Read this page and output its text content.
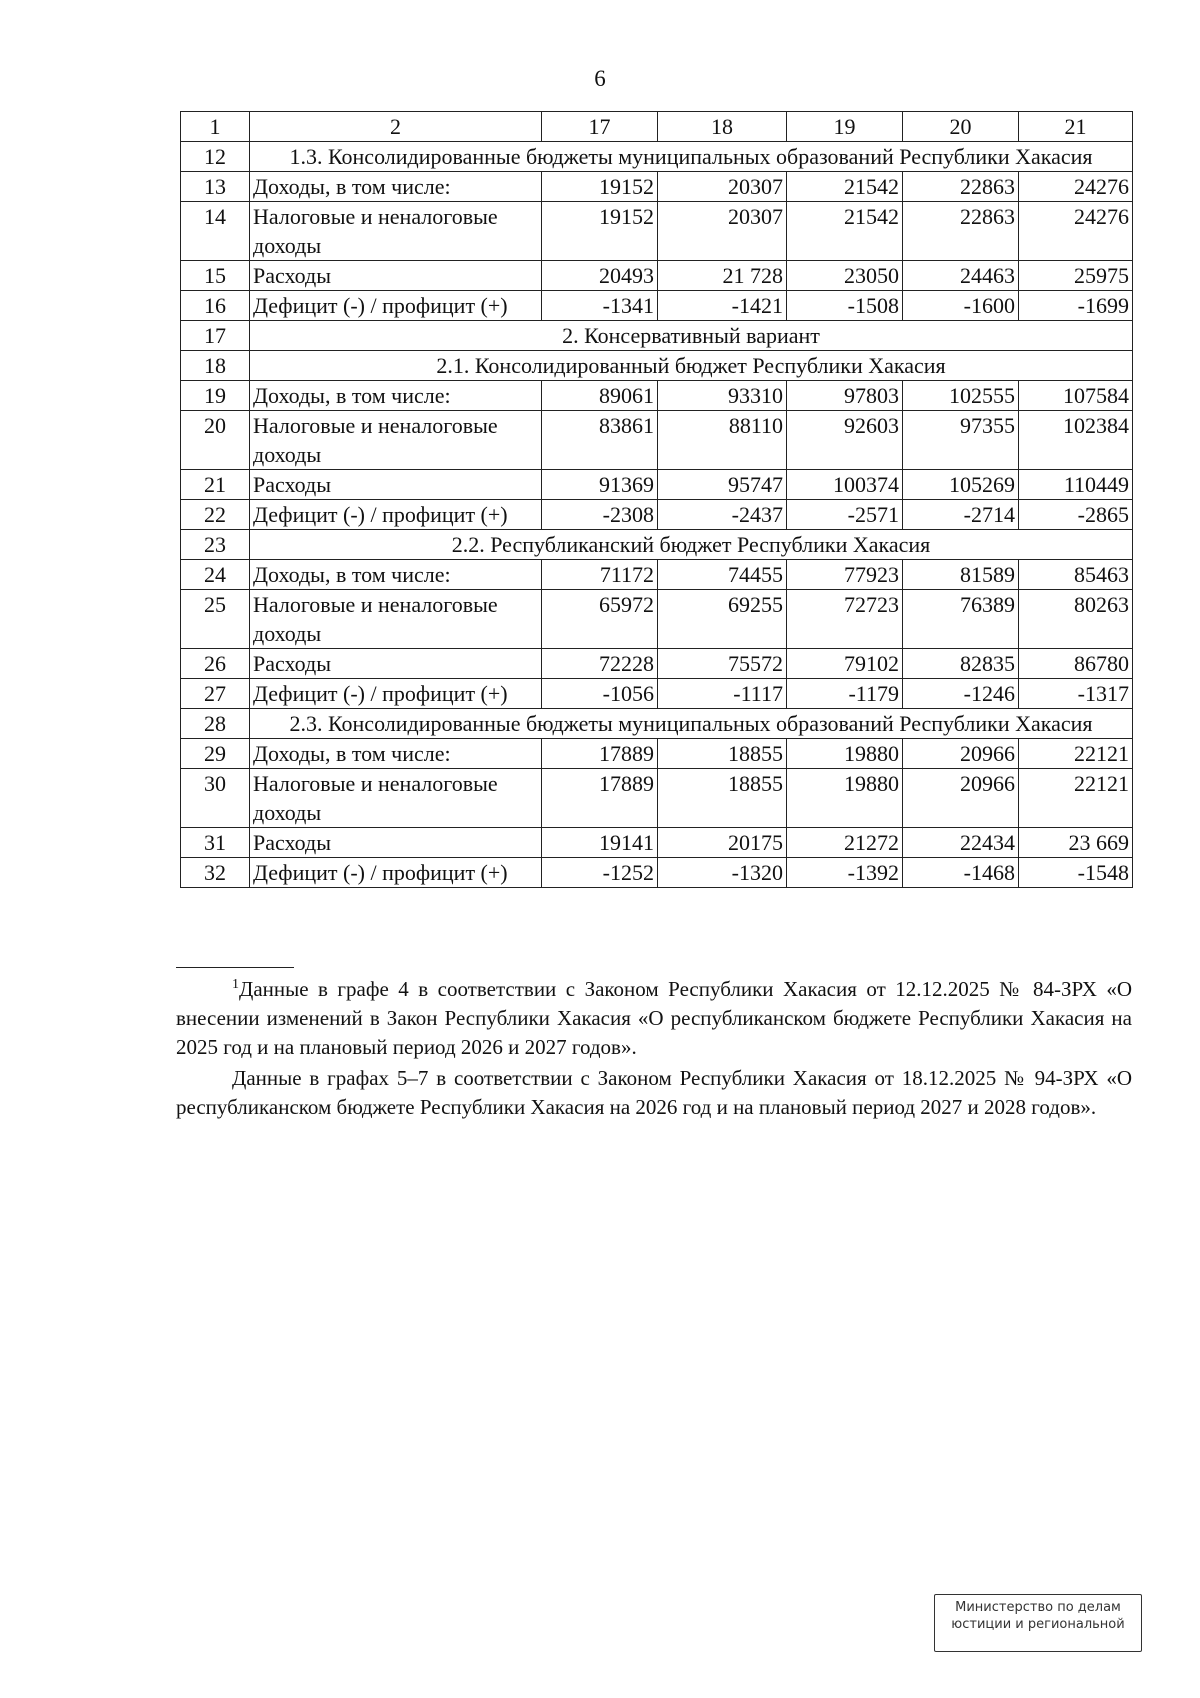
6
1	2	17	18	19	20	21
12	1.3. Консолидированные бюджеты муниципальных образований Республики Хакасия					
13	Доходы, в том числе:	19152	20307	21542	22863	24276
14	Налоговые и неналоговые доходы	19152	20307	21542	22863	24276
15	Расходы	20493	21 728	23050	24463	25975
16	Дефицит (-) / профицит (+)	-1341	-1421	-1508	-1600	-1699
17	2. Консервативный вариант					
18	2.1. Консолидированный бюджет Республики Хакасия					
19	Доходы, в том числе:	89061	93310	97803	102555	107584
20	Налоговые и неналоговые доходы	83861	88110	92603	97355	102384
21	Расходы	91369	95747	100374	105269	110449
22	Дефицит (-) / профицит (+)	-2308	-2437	-2571	-2714	-2865
23	2.2. Республиканский бюджет Республики Хакасия					
24	Доходы, в том числе:	71172	74455	77923	81589	85463
25	Налоговые и неналоговые доходы	65972	69255	72723	76389	80263
26	Расходы	72228	75572	79102	82835	86780
27	Дефицит (-) / профицит (+)	-1056	-1117	-1179	-1246	-1317
28	2.3. Консолидированные бюджеты муниципальных образований Республики Хакасия					
29	Доходы, в том числе:	17889	18855	19880	20966	22121
30	Налоговые и неналоговые доходы	17889	18855	19880	20966	22121
31	Расходы	19141	20175	21272	22434	23 669
32	Дефицит (-) / профицит (+)	-1252	-1320	-1392	-1468	-1548
$^1$Данные в графе 4 в соответствии с Законом Республики Хакасия от 12.12.2025 № 84-ЗРХ «О внесении изменений в Закон Республики Хакасия «О республиканском бюджете Республики Хакасия на 2025 год и на плановый период 2026 и 2027 годов».
Данные в графах 5–7 в соответствии с Законом Республики Хакасия от 18.12.2025 № 94-ЗРХ «О республиканском бюджете Республики Хакасия на 2026 год и на плановый период 2027 и 2028 годов».
Министерство по делам
юстиции и региональной
